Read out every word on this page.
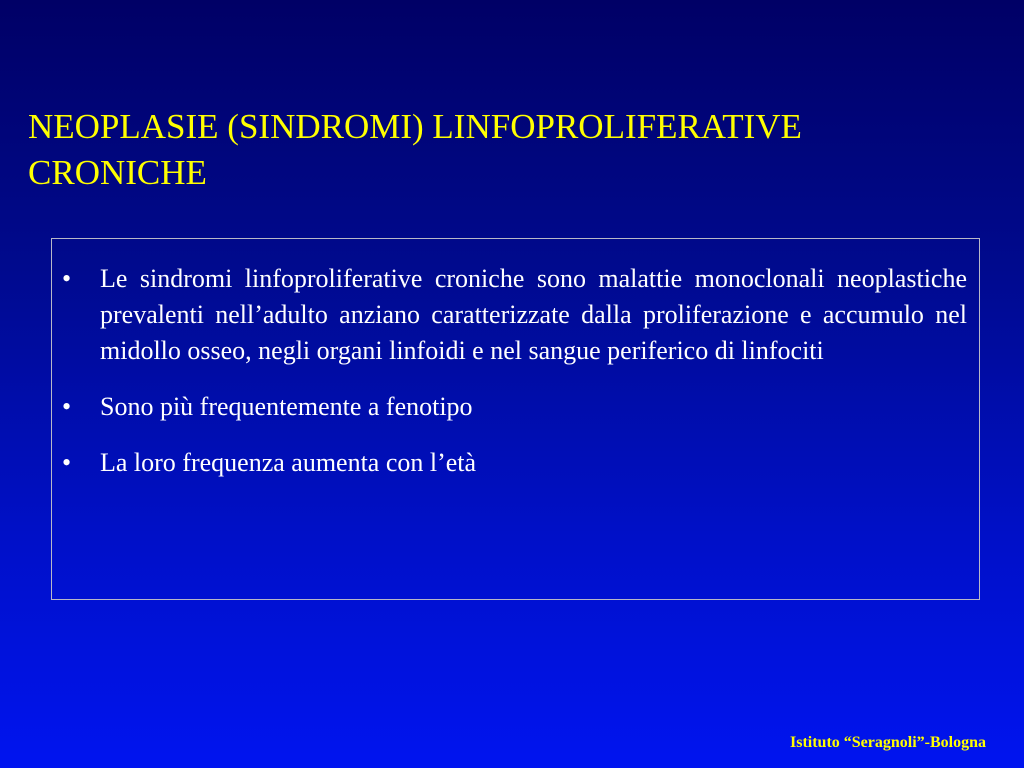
NEOPLASIE (SINDROMI) LINFOPROLIFERATIVE CRONICHE
•	Le sindromi linfoproliferative croniche sono malattie monoclonali neoplastiche prevalenti nell’adulto anziano caratterizzate dalla proliferazione e accumulo nel midollo osseo, negli organi linfoidi e nel sangue periferico di linfociti
•	Sono più frequentemente a fenotipo
•	La loro frequenza aumenta con l’età
Istituto “Seragnoli”-Bologna
